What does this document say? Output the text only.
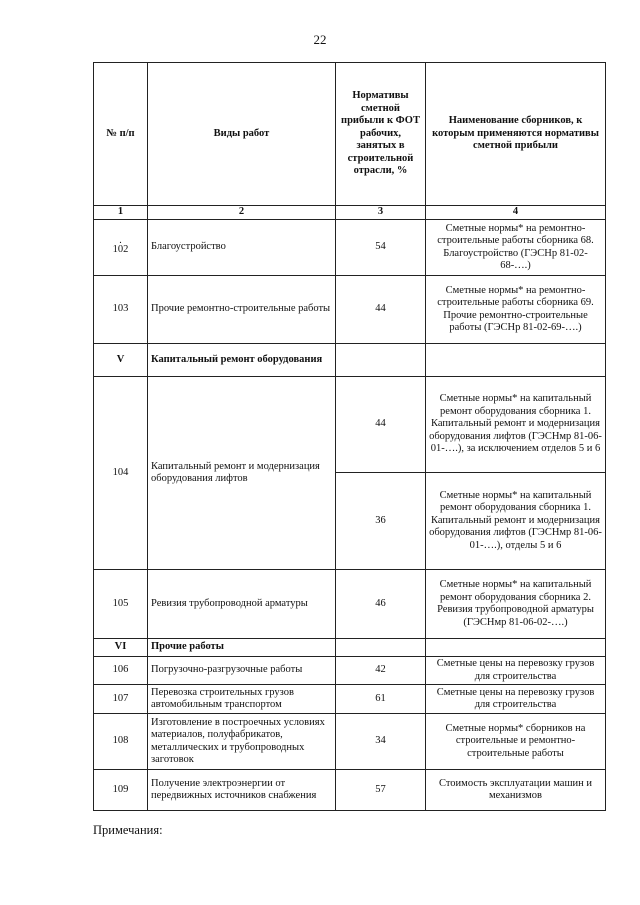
22
№ п/п	Виды работ	Нормативы сметной прибыли к ФОТ рабочих, занятых в строительной отрасли, %	Наименование сборников, к которым применяются нормативы сметной прибыли
1	2	3	4

.
102	Благоустройство	54	Сметные нормы* на ремонтно-строительные работы сборника 68. Благоустройство (ГЭСНр 81-02-68-….)
103	Прочие ремонтно-строительные работы	44	Сметные нормы* на ремонтно-строительные работы сборника 69. Прочие ремонтно-строительные работы (ГЭСНр 81-02-69-….)
V	Капитальный ремонт оборудования		
104	Капитальный ремонт и модернизация оборудования лифтов	44	Сметные нормы* на капитальный ремонт оборудования сборника 1. Капитальный ремонт и модернизация оборудования лифтов (ГЭСНмр 81-06-01-….), за исключением отделов 5 и 6
		36	Сметные нормы* на капитальный ремонт оборудования сборника 1. Капитальный ремонт и модернизация оборудования лифтов (ГЭСНмр 81-06-01-….), отделы 5 и 6
105	Ревизия трубопроводной арматуры	46	Сметные нормы* на капитальный ремонт оборудования сборника 2. Ревизия трубопроводной арматуры (ГЭСНмр 81-06-02-….)
VI	Прочие работы		
106	Погрузочно-разгрузочные работы	42	Сметные цены на перевозку грузов для строительства
107	Перевозка строительных грузов автомобильным транспортом	61	Сметные цены на перевозку грузов для строительства
108	Изготовление в построечных условиях материалов, полуфабрикатов, металлических и трубопроводных заготовок	34	Сметные нормы* сборников на строительные и ремонтно-строительные работы
109	Получение электроэнергии от передвижных источников снабжения	57	Стоимость эксплуатации машин и механизмов
Примечания:
